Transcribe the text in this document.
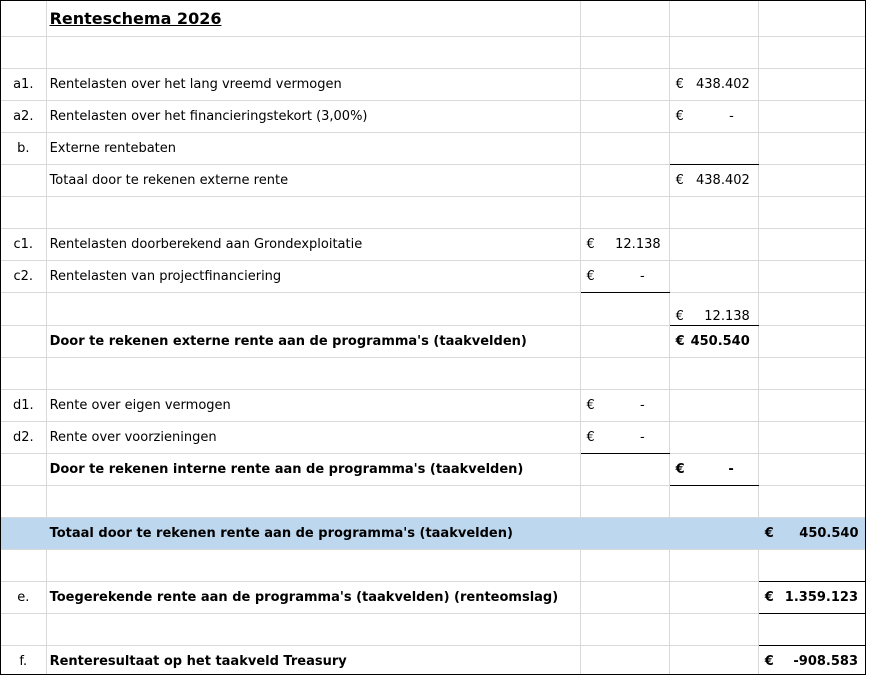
	Renteschema 2026			

a1.	Rentelasten over het lang vreemd vermogen		€ 438.402	

a2.	Rentelasten over het financieringstekort (3,00%)		€ -	

b.	Externe rentebaten			
	Totaal door te rekenen externe rente		€ 438.402	

c1.	Rentelasten doorberekend aan Grondexploitatie	€ 12.138		

c2.	Rentelasten van projectfinanciering	€ -		

			€ 12.138	

	Door te rekenen externe rente aan de programma's (taakvelden)		€ 450.540	

d1.	Rente over eigen vermogen	€ -		

d2.	Rente over voorzieningen	€ -		

	Door te rekenen interne rente aan de programma's (taakvelden)		€ -	

	Totaal door te rekenen rente aan de programma's (taakvelden)			€ 450.540

e.	Toegerekende rente aan de programma's (taakvelden) (renteomslag)			€ 1.359.123

f.	Renteresultaat op het taakveld Treasury			€ -908.583
